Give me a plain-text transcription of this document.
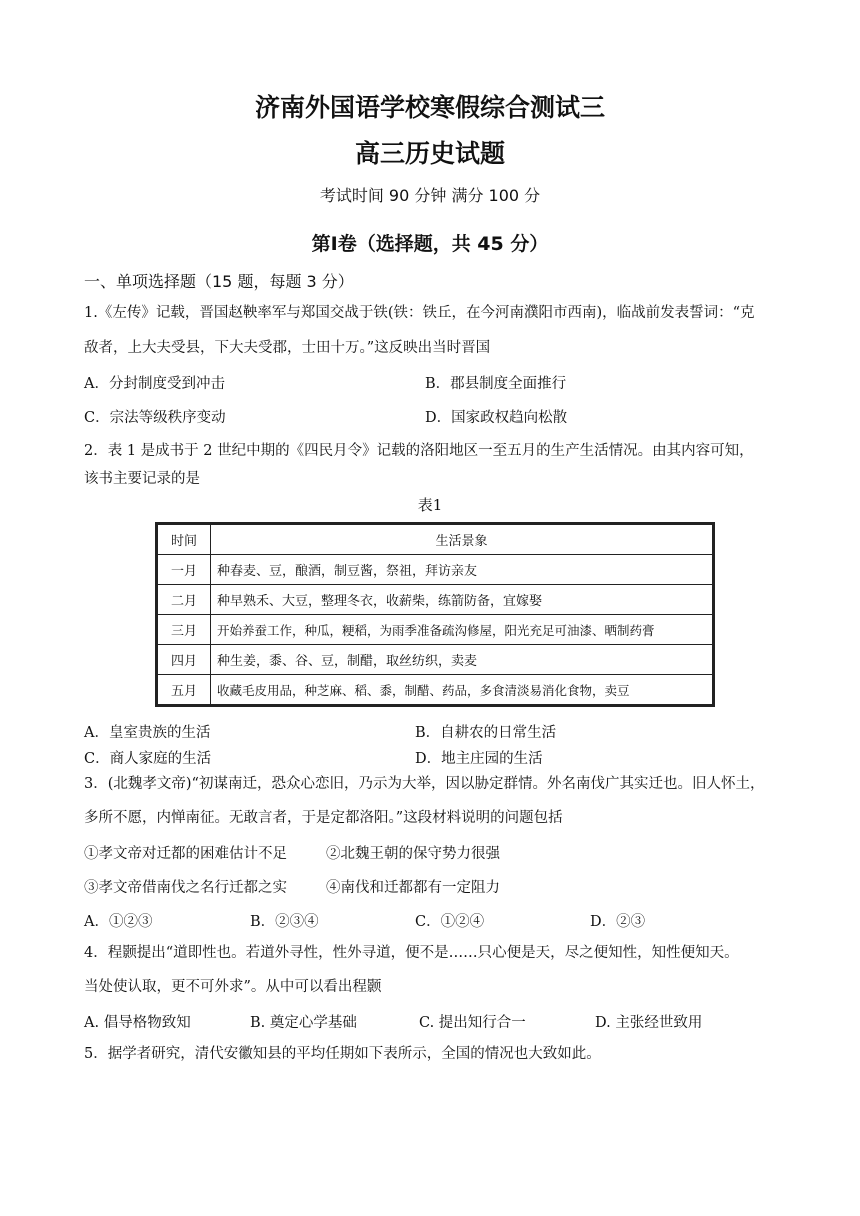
济南外国语学校寒假综合测试三
高三历史试题
考试时间 90 分钟 满分 100 分
第Ⅰ卷（选择题，共 45 分）
一、单项选择题（15 题，每题 3 分）
1.《左传》记载，晋国赵鞅率军与郑国交战于铁(铁：铁丘，在今河南濮阳市西南)，临战前发表誓词：“克
敌者，上大夫受县，下大夫受郡，士田十万。”这反映出当时晋国
A．分封制度受到冲击	B．郡县制度全面推行
C．宗法等级秩序变动	D．国家政权趋向松散
2．表 1 是成书于 2 世纪中期的《四民月令》记载的洛阳地区一至五月的生产生活情况。由其内容可知，
该书主要记录的是
表1
时间	生活景象
一月	种春麦、豆，酿酒，制豆酱，祭祖，拜访亲友
二月	种早熟禾、大豆，整理冬衣，收薪柴，练箭防备，宜嫁娶
三月	开始养蚕工作，种瓜，粳稻，为雨季准备疏沟修屋，阳光充足可油漆、晒制药膏
四月	种生姜，黍、谷、豆，制醋，取丝纺织，卖麦
五月	收藏毛皮用品，种芝麻、稻、黍，制醋、药品，多食清淡易消化食物，卖豆
A．皇室贵族的生活	B．自耕农的日常生活
C．商人家庭的生活	D．地主庄园的生活
3．(北魏孝文帝)“初谋南迁，恐众心恋旧，乃示为大举，因以胁定群情。外名南伐广其实迁也。旧人怀土，
多所不愿，内惮南征。无敢言者，于是定都洛阳。”这段材料说明的问题包括
①孝文帝对迁都的困难估计不足	②北魏王朝的保守势力很强
③孝文帝借南伐之名行迁都之实	④南伐和迁都都有一定阻力
A．①②③	B．②③④	C．①②④	D．②③
4．程颢提出“道即性也。若道外寻性，性外寻道，便不是……只心便是天，尽之便知性，知性便知天。
当处使认取，更不可外求”。从中可以看出程颢
A. 倡导格物致知	B. 奠定心学基础	C. 提出知行合一	D. 主张经世致用
5．据学者研究，清代安徽知县的平均任期如下表所示，全国的情况也大致如此。
